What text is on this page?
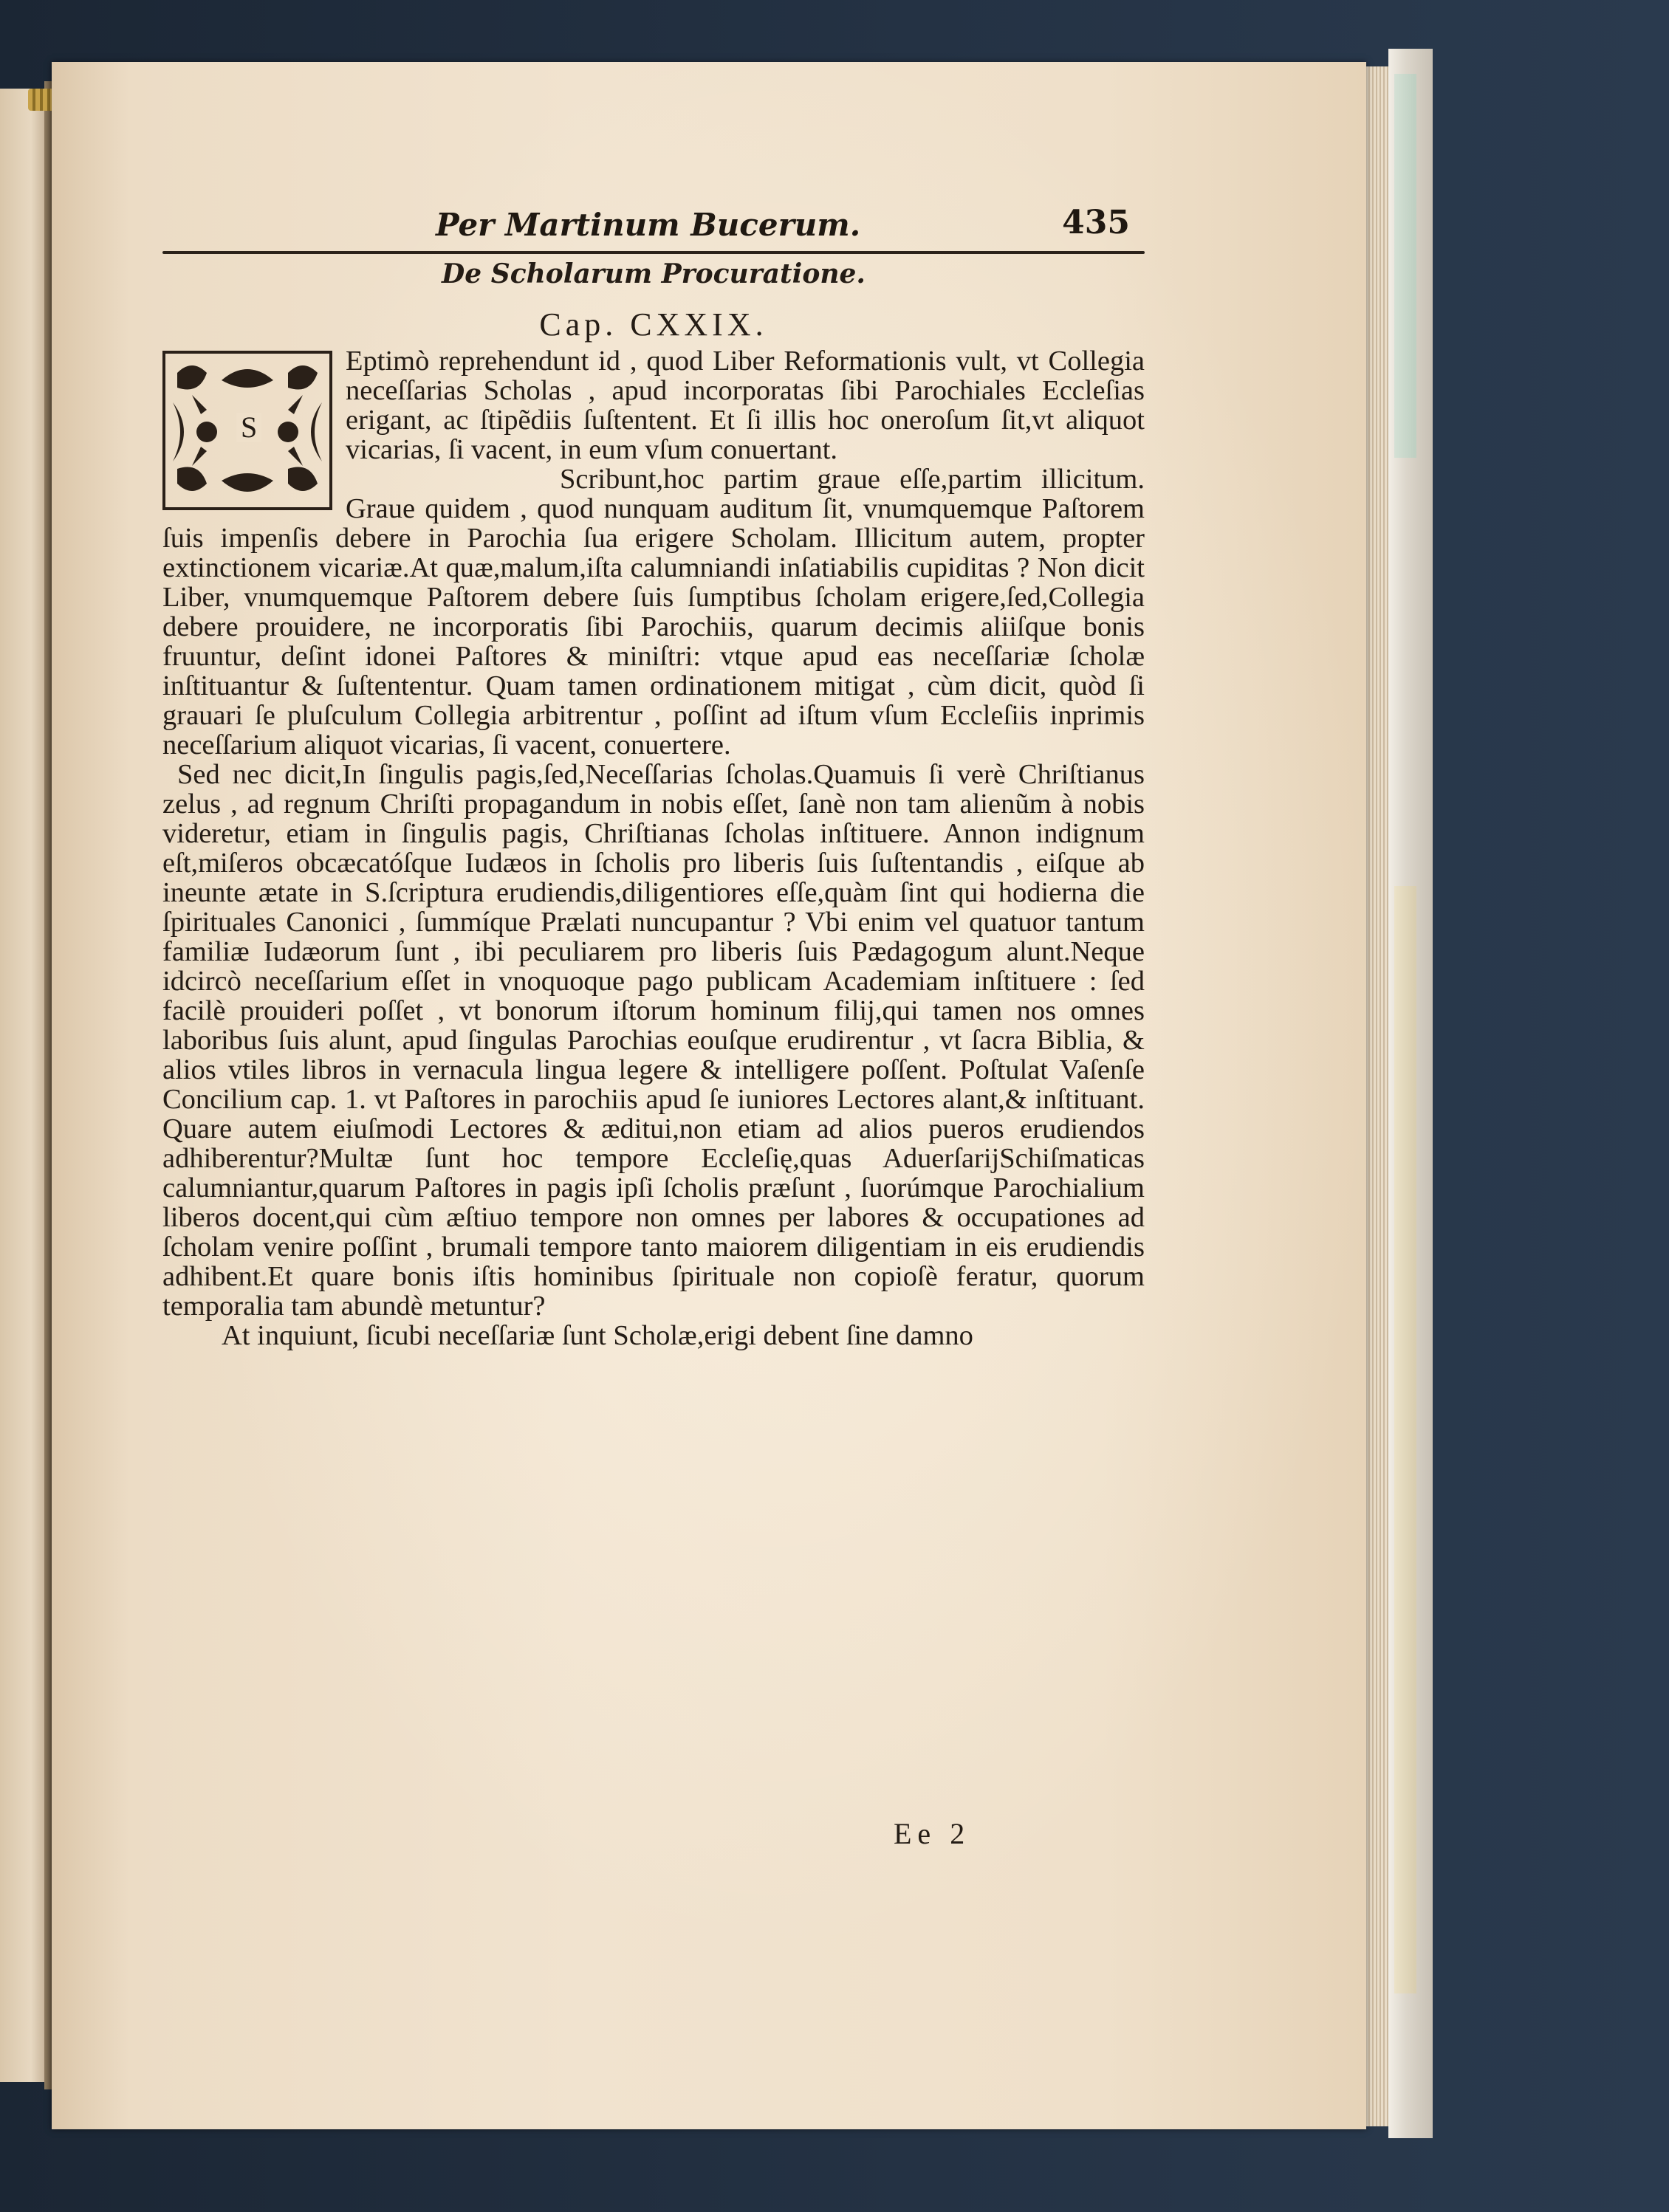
Per Martinum Bucerum.	435
De Scholarum Procuratione.
Cap. CXXIX.
S

Eptimò reprehendunt id , quod Liber Reformationis vult, vt Collegia neceſſarias Scholas , apud incorporatas ſibi Parochiales Eccleſias erigant, ac ſtipẽdiis ſuſtentent. Et ſi illis hoc oneroſum ſit,vt aliquot vicarias, ſi vacent, in eum vſum conuertant.

Scribunt,hoc partim graue eſſe,partim illicitum. Graue quidem , quod nunquam auditum ſit, vnumquemque Paſtorem ſuis impenſis debere in Parochia ſua erigere Scholam. Illicitum autem, propter extinctionem vicariæ.At quæ,malum,iſta calumniandi inſatiabilis cupiditas ? Non dicit Liber, vnumquemque Paſtorem debere ſuis ſumptibus ſcholam erigere,ſed,Collegia debere prouidere, ne incorporatis ſibi Parochiis, quarum decimis aliiſque bonis fruuntur, deſint idonei Paſtores & miniſtri: vtque apud eas neceſſariæ ſcholæ inſtituantur & ſuſtententur. Quam tamen ordinationem mitigat , cùm dicit, quòd ſi grauari ſe pluſculum Collegia arbitrentur , poſſint ad iſtum vſum Eccleſiis inprimis neceſſarium aliquot vicarias, ſi vacent, conuertere.

Sed nec dicit,In ſingulis pagis,ſed,Neceſſarias ſcholas.Quamuis ſi verè Chriſtianus zelus , ad regnum Chriſti propagandum in nobis eſſet, ſanè non tam alienũm à nobis videretur, etiam in ſingulis pagis, Chriſtianas ſcholas inſtituere. Annon indignum eſt,miſeros obcæcatóſque Iudæos in ſcholis pro liberis ſuis ſuſtentandis , eiſque ab ineunte ætate in S.ſcriptura erudiendis,diligentiores eſſe,quàm ſint qui hodierna die ſpirituales Canonici , ſummíque Prælati nuncupantur ? Vbi enim vel quatuor tantum familiæ Iudæorum ſunt , ibi peculiarem pro liberis ſuis Pædagogum alunt.Neque idcircò neceſſarium eſſet in vnoquoque pago publicam Academiam inſtituere : ſed facilè prouideri poſſet , vt bonorum iſtorum hominum filij,qui tamen nos omnes laboribus ſuis alunt, apud ſingulas Parochias eouſque erudirentur , vt ſacra Biblia, & alios vtiles libros in vernacula lingua legere & intelligere poſſent. Poſtulat Vaſenſe Concilium cap. 1. vt Paſtores in parochiis apud ſe iuniores Lectores alant,& inſtituant. Quare autem eiuſmodi Lectores & æditui,non etiam ad alios pueros erudiendos adhiberentur?Multæ ſunt hoc tempore Eccleſię,quas AduerſarijSchiſmaticas calumniantur,quarum Paſtores in pagis ipſi ſcholis præſunt , ſuorúmque Parochialium liberos docent,qui cùm æſtiuo tempore non omnes per labores & occupationes ad ſcholam venire poſſint , brumali tempore tanto maiorem diligentiam in eis erudiendis adhibent.Et quare bonis iſtis hominibus ſpirituale non copioſè feratur, quorum temporalia tam abundè metuntur?

At inquiunt, ſicubi neceſſariæ ſunt Scholæ,erigi debent ſine damno

Ee 2
